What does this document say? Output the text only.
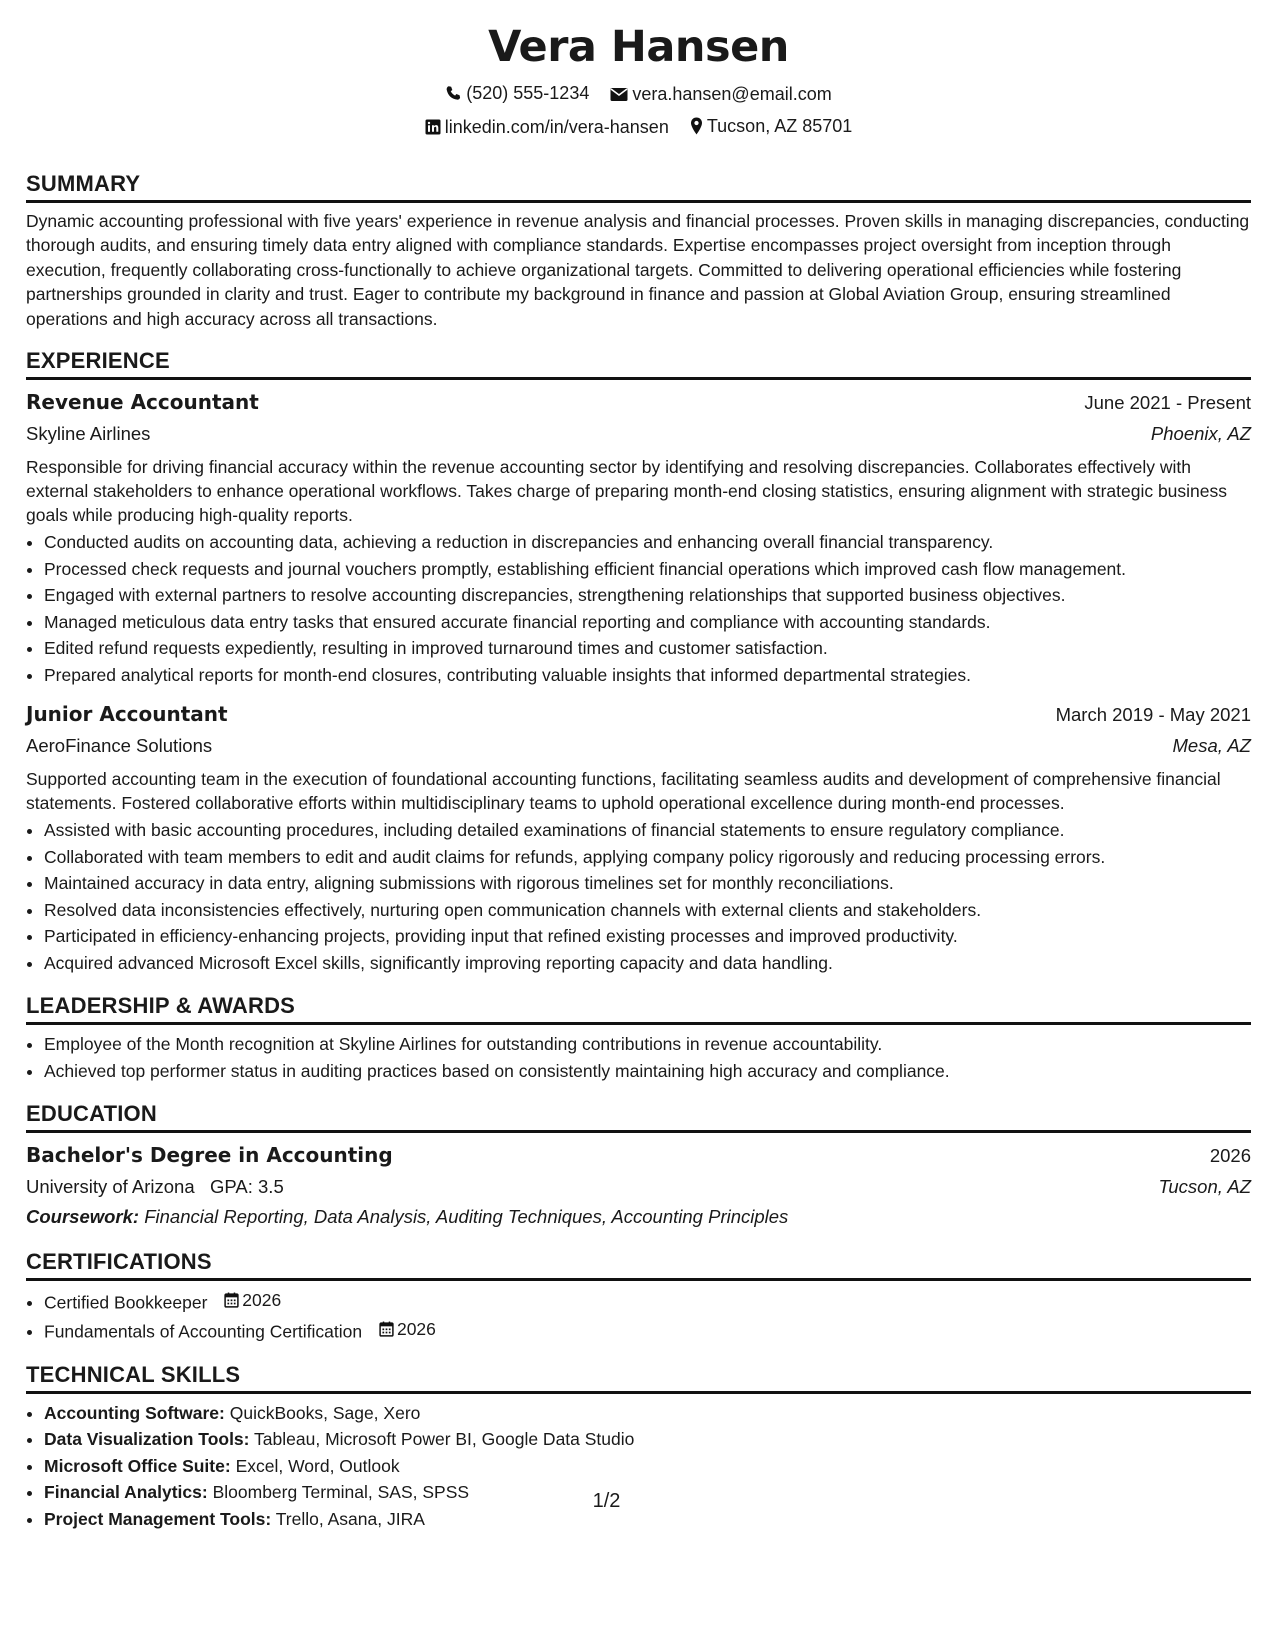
Vera Hansen
(520) 555-1234
vera.hansen@email.com
linkedin.com/in/vera-hansen
Tucson, AZ 85701
SUMMARY
Dynamic accounting professional with five years' experience in revenue analysis and financial processes. Proven skills in managing discrepancies, conducting thorough audits, and ensuring timely data entry aligned with compliance standards. Expertise encompasses project oversight from inception through execution, frequently collaborating cross-functionally to achieve organizational targets. Committed to delivering operational efficiencies while fostering partnerships grounded in clarity and trust. Eager to contribute my background in finance and passion at Global Aviation Group, ensuring streamlined operations and high accuracy across all transactions.
EXPERIENCE
Revenue Accountant	June 2021 - Present
Skyline Airlines	Phoenix, AZ
Responsible for driving financial accuracy within the revenue accounting sector by identifying and resolving discrepancies. Collaborates effectively with external stakeholders to enhance operational workflows. Takes charge of preparing month-end closing statistics, ensuring alignment with strategic business goals while producing high-quality reports.
• Conducted audits on accounting data, achieving a reduction in discrepancies and enhancing overall financial transparency.
• Processed check requests and journal vouchers promptly, establishing efficient financial operations which improved cash flow management.
• Engaged with external partners to resolve accounting discrepancies, strengthening relationships that supported business objectives.
• Managed meticulous data entry tasks that ensured accurate financial reporting and compliance with accounting standards.
• Edited refund requests expediently, resulting in improved turnaround times and customer satisfaction.
• Prepared analytical reports for month-end closures, contributing valuable insights that informed departmental strategies.
Junior Accountant	March 2019 - May 2021
AeroFinance Solutions	Mesa, AZ
Supported accounting team in the execution of foundational accounting functions, facilitating seamless audits and development of comprehensive financial statements. Fostered collaborative efforts within multidisciplinary teams to uphold operational excellence during month-end processes.
• Assisted with basic accounting procedures, including detailed examinations of financial statements to ensure regulatory compliance.
• Collaborated with team members to edit and audit claims for refunds, applying company policy rigorously and reducing processing errors.
• Maintained accuracy in data entry, aligning submissions with rigorous timelines set for monthly reconciliations.
• Resolved data inconsistencies effectively, nurturing open communication channels with external clients and stakeholders.
• Participated in efficiency-enhancing projects, providing input that refined existing processes and improved productivity.
• Acquired advanced Microsoft Excel skills, significantly improving reporting capacity and data handling.
LEADERSHIP & AWARDS
• Employee of the Month recognition at Skyline Airlines for outstanding contributions in revenue accountability.
• Achieved top performer status in auditing practices based on consistently maintaining high accuracy and compliance.
EDUCATION
Bachelor's Degree in Accounting	2026
University of Arizona GPA: 3.5	Tucson, AZ
Coursework: Financial Reporting, Data Analysis, Auditing Techniques, Accounting Principles
CERTIFICATIONS
• Certified Bookkeeper 2026
• Fundamentals of Accounting Certification 2026
TECHNICAL SKILLS
• Accounting Software: QuickBooks, Sage, Xero
• Data Visualization Tools: Tableau, Microsoft Power BI, Google Data Studio
• Microsoft Office Suite: Excel, Word, Outlook
• Financial Analytics: Bloomberg Terminal, SAS, SPSS
• Project Management Tools: Trello, Asana, JIRA
1/2
